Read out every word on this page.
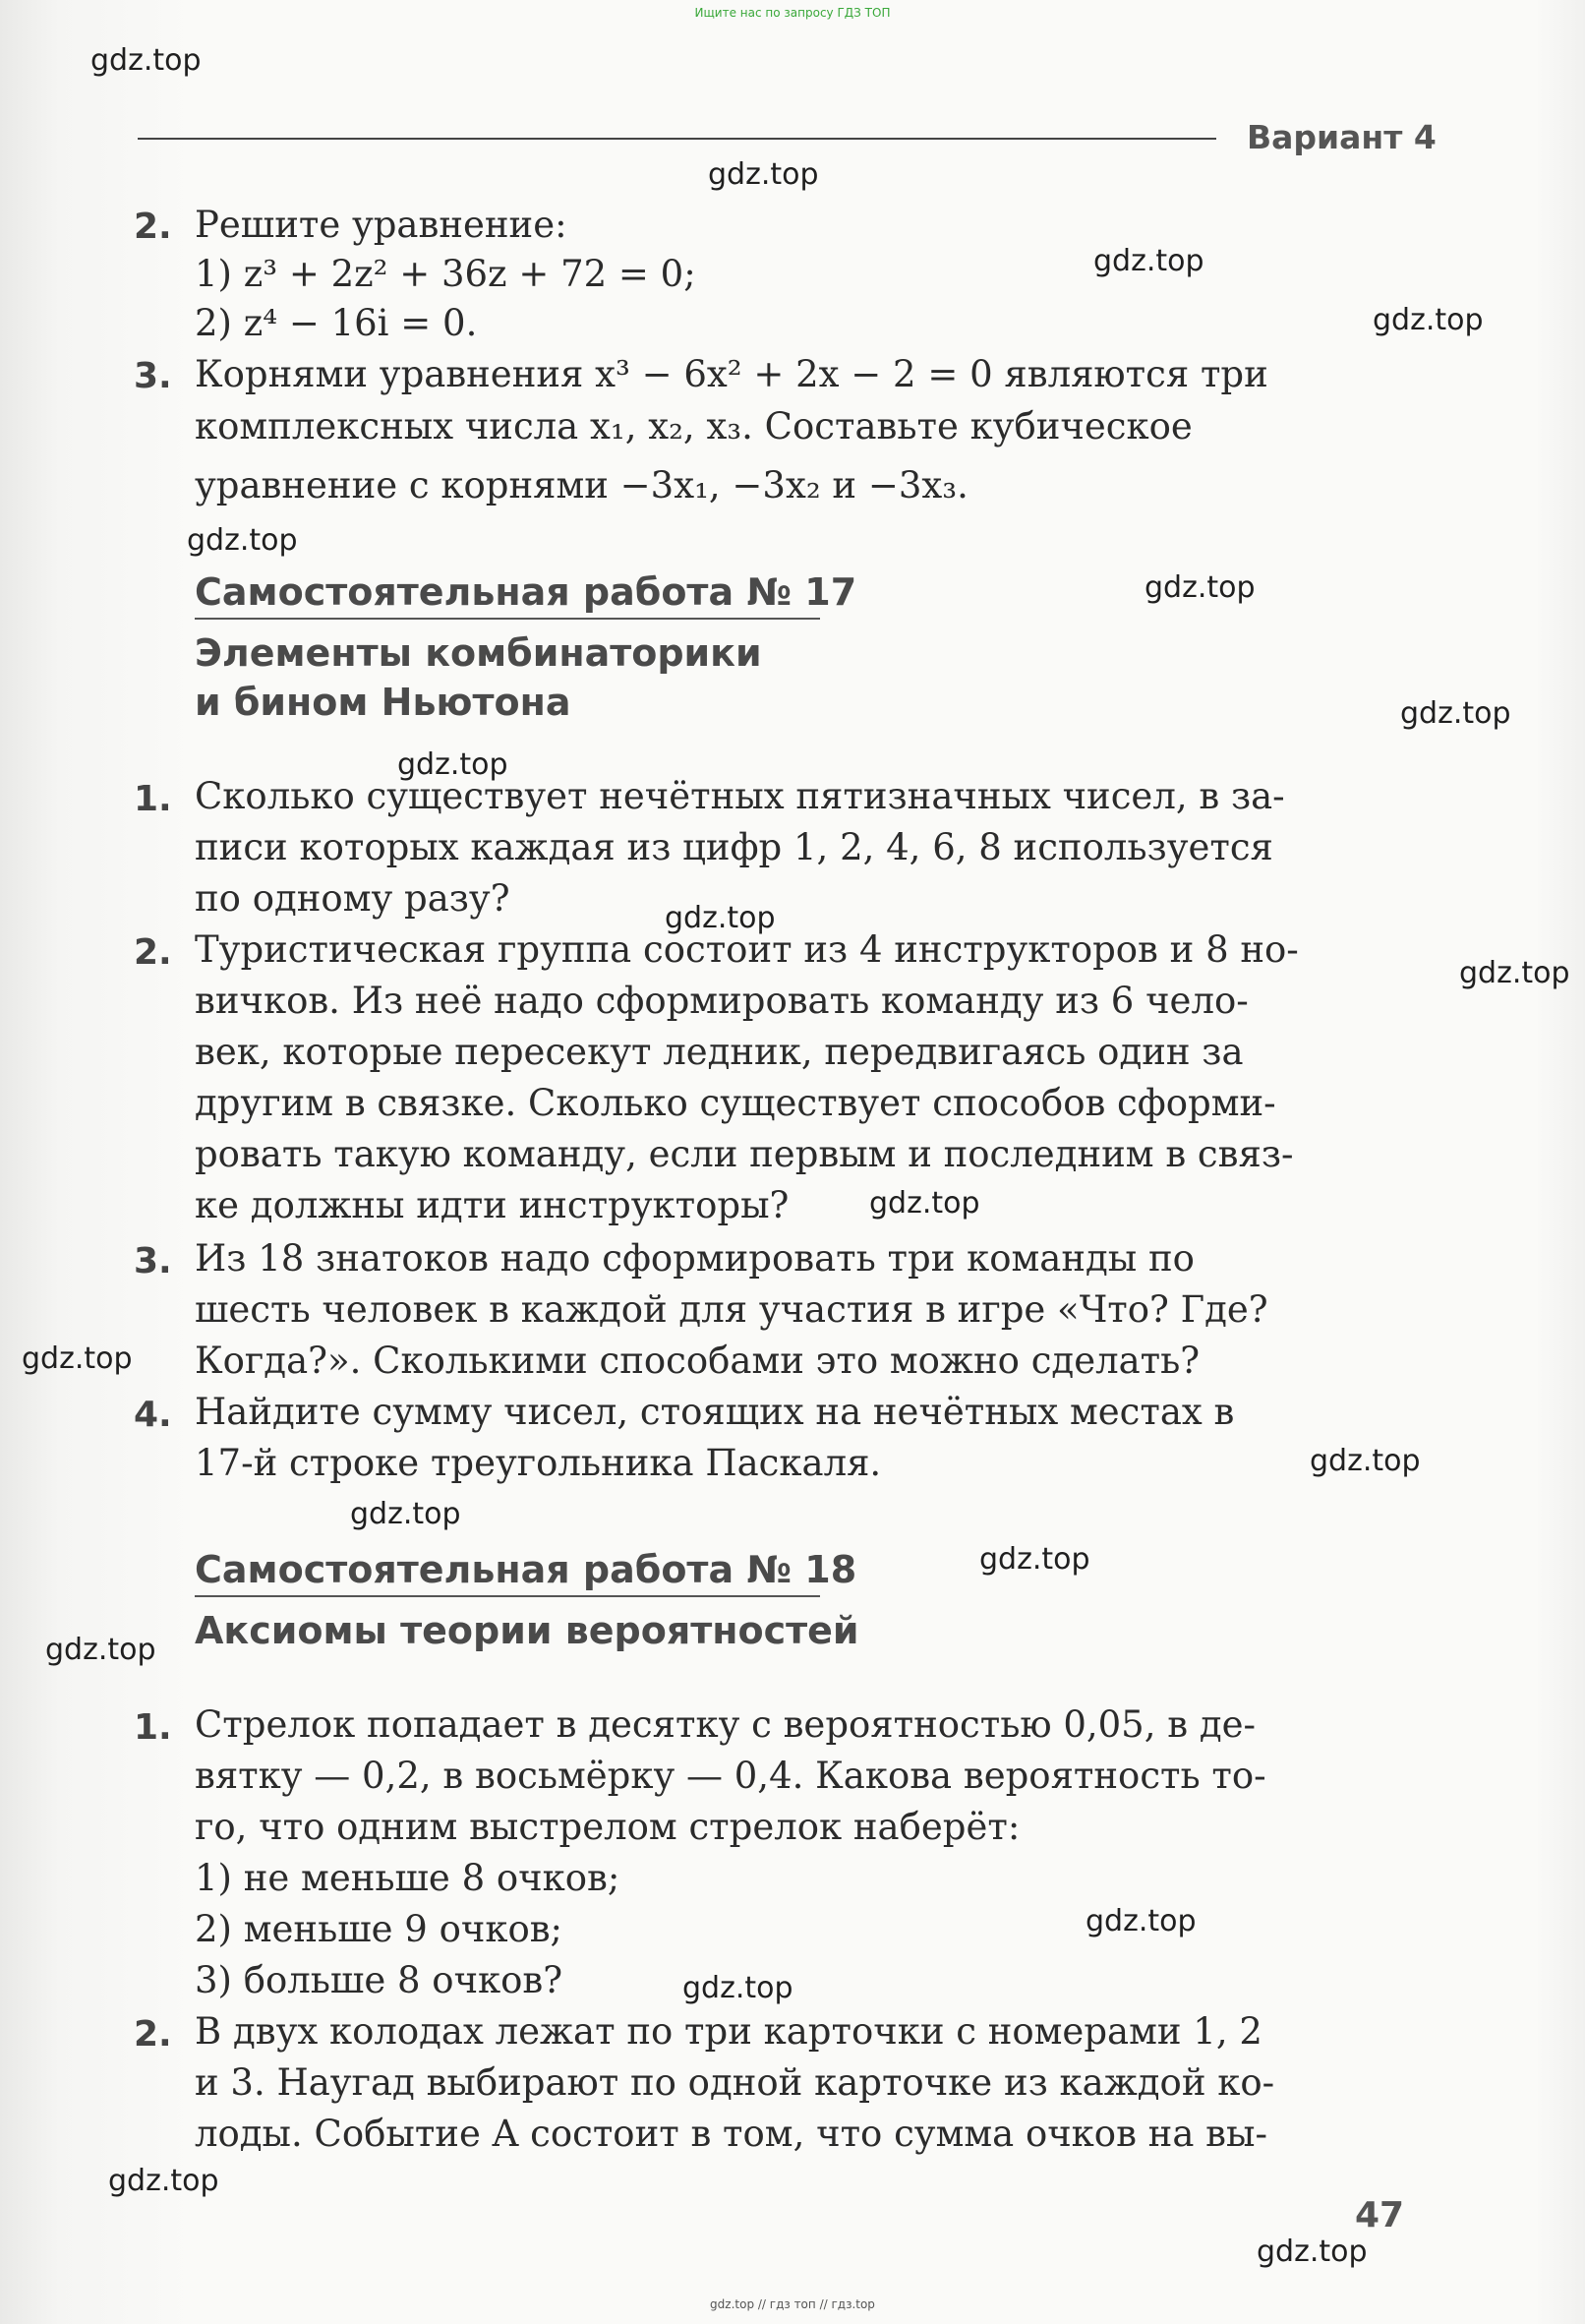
Ищите нас по запросу ГДЗ ТОП
Вариант 4
2. Решите уравнение:
1) z³ + 2z² + 36z + 72 = 0;
2) z⁴ − 16i = 0.
3. Корнями уравнения x³ − 6x² + 2x − 2 = 0 являются три
комплексных числа x₁, x₂, x₃. Составьте кубическое
уравнение с корнями −3x₁, −3x₂ и −3x₃.
Самостоятельная работа № 17
Элементы комбинаторики
и бином Ньютона
1. Сколько существует нечётных пятизначных чисел, в за-
писи которых каждая из цифр 1, 2, 4, 6, 8 используется
по одному разу?
2. Туристическая группа состоит из 4 инструкторов и 8 но-
вичков. Из неё надо сформировать команду из 6 чело-
век, которые пересекут ледник, передвигаясь один за
другим в связке. Сколько существует способов сформи-
ровать такую команду, если первым и последним в связ-
ке должны идти инструкторы?
3. Из 18 знатоков надо сформировать три команды по
шесть человек в каждой для участия в игре «Что? Где?
Когда?». Сколькими способами это можно сделать?
4. Найдите сумму чисел, стоящих на нечётных местах в
17-й строке треугольника Паскаля.
Самостоятельная работа № 18
Аксиомы теории вероятностей
1. Стрелок попадает в десятку с вероятностью 0,05, в де-
вятку — 0,2, в восьмёрку — 0,4. Какова вероятность то-
го, что одним выстрелом стрелок наберёт:
1) не меньше 8 очков;
2) меньше 9 очков;
3) больше 8 очков?
2. В двух колодах лежат по три карточки с номерами 1, 2
и 3. Наугад выбирают по одной карточке из каждой ко-
лоды. Событие A состоит в том, что сумма очков на вы-
47
gdz.top
gdz.top
gdz.top
gdz.top
gdz.top
gdz.top
gdz.top
gdz.top
gdz.top
gdz.top
gdz.top
gdz.top
gdz.top
gdz.top
gdz.top
gdz.top
gdz.top
gdz.top
gdz.top
gdz.top
gdz.top // гдз топ // гдз.top
